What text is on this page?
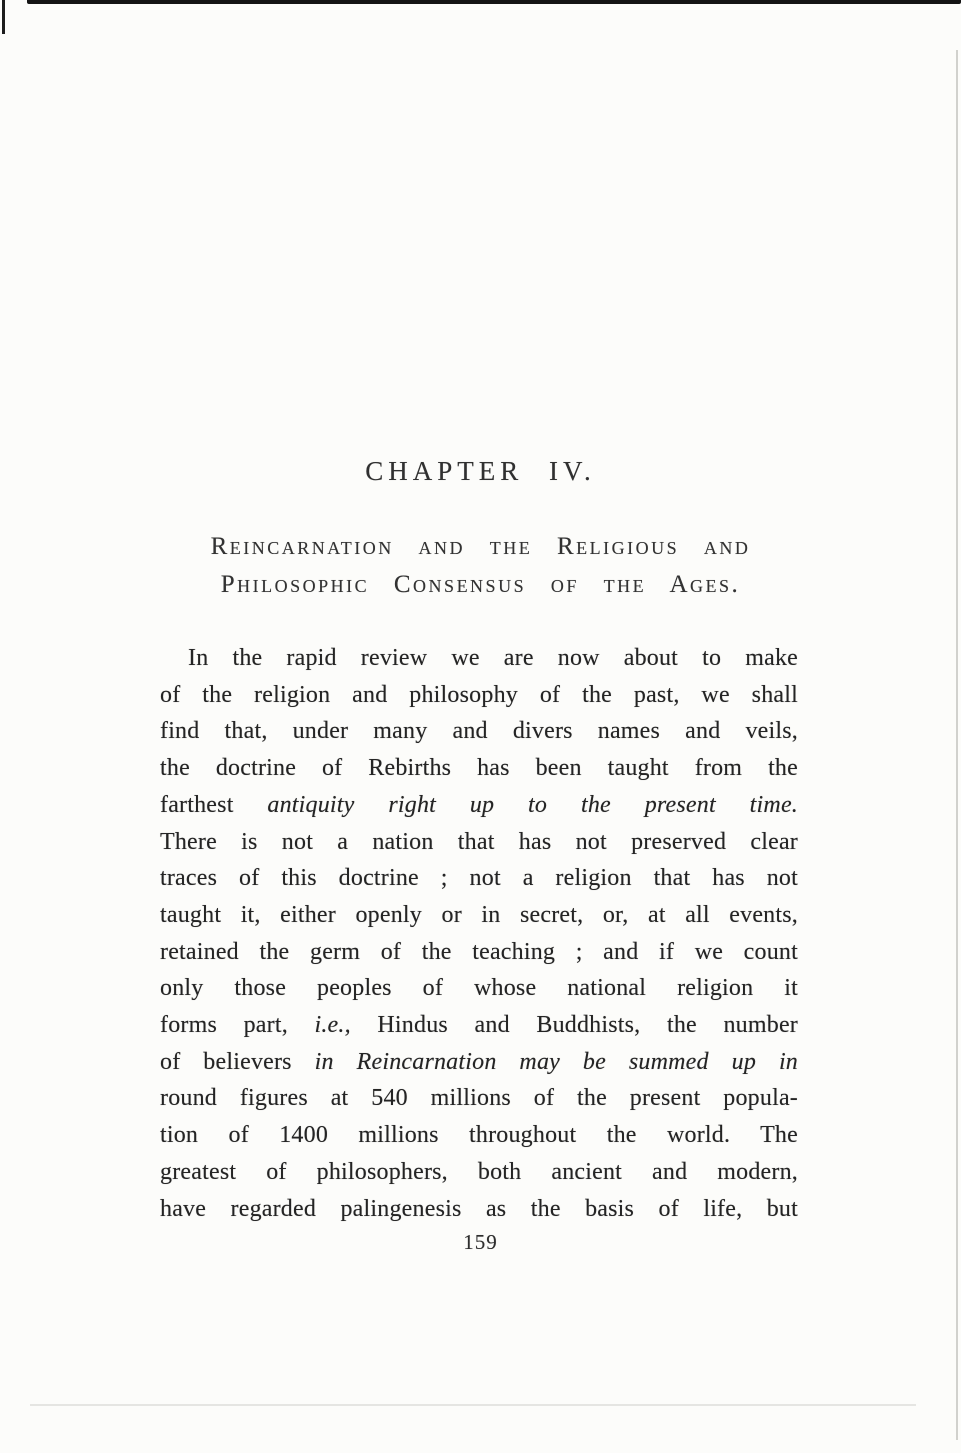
CHAPTER IV.
Reincarnation and the Religious and
Philosophic Consensus of the Ages.
In the rapid review we are now about to make
of the religion and philosophy of the past, we shall
find that, under many and divers names and veils,
the doctrine of Rebirths has been taught from the
farthest antiquity right up to the present time.
There is not a nation that has not preserved clear
traces of this doctrine ; not a religion that has not
taught it, either openly or in secret, or, at all events,
retained the germ of the teaching ; and if we count
only those peoples of whose national religion it
forms part, i.e., Hindus and Buddhists, the number
of believers in Reincarnation may be summed up in
round figures at 540 millions of the present popula-
tion of 1400 millions throughout the world. The
greatest of philosophers, both ancient and modern,
have regarded palingenesis as the basis of life, but
159
